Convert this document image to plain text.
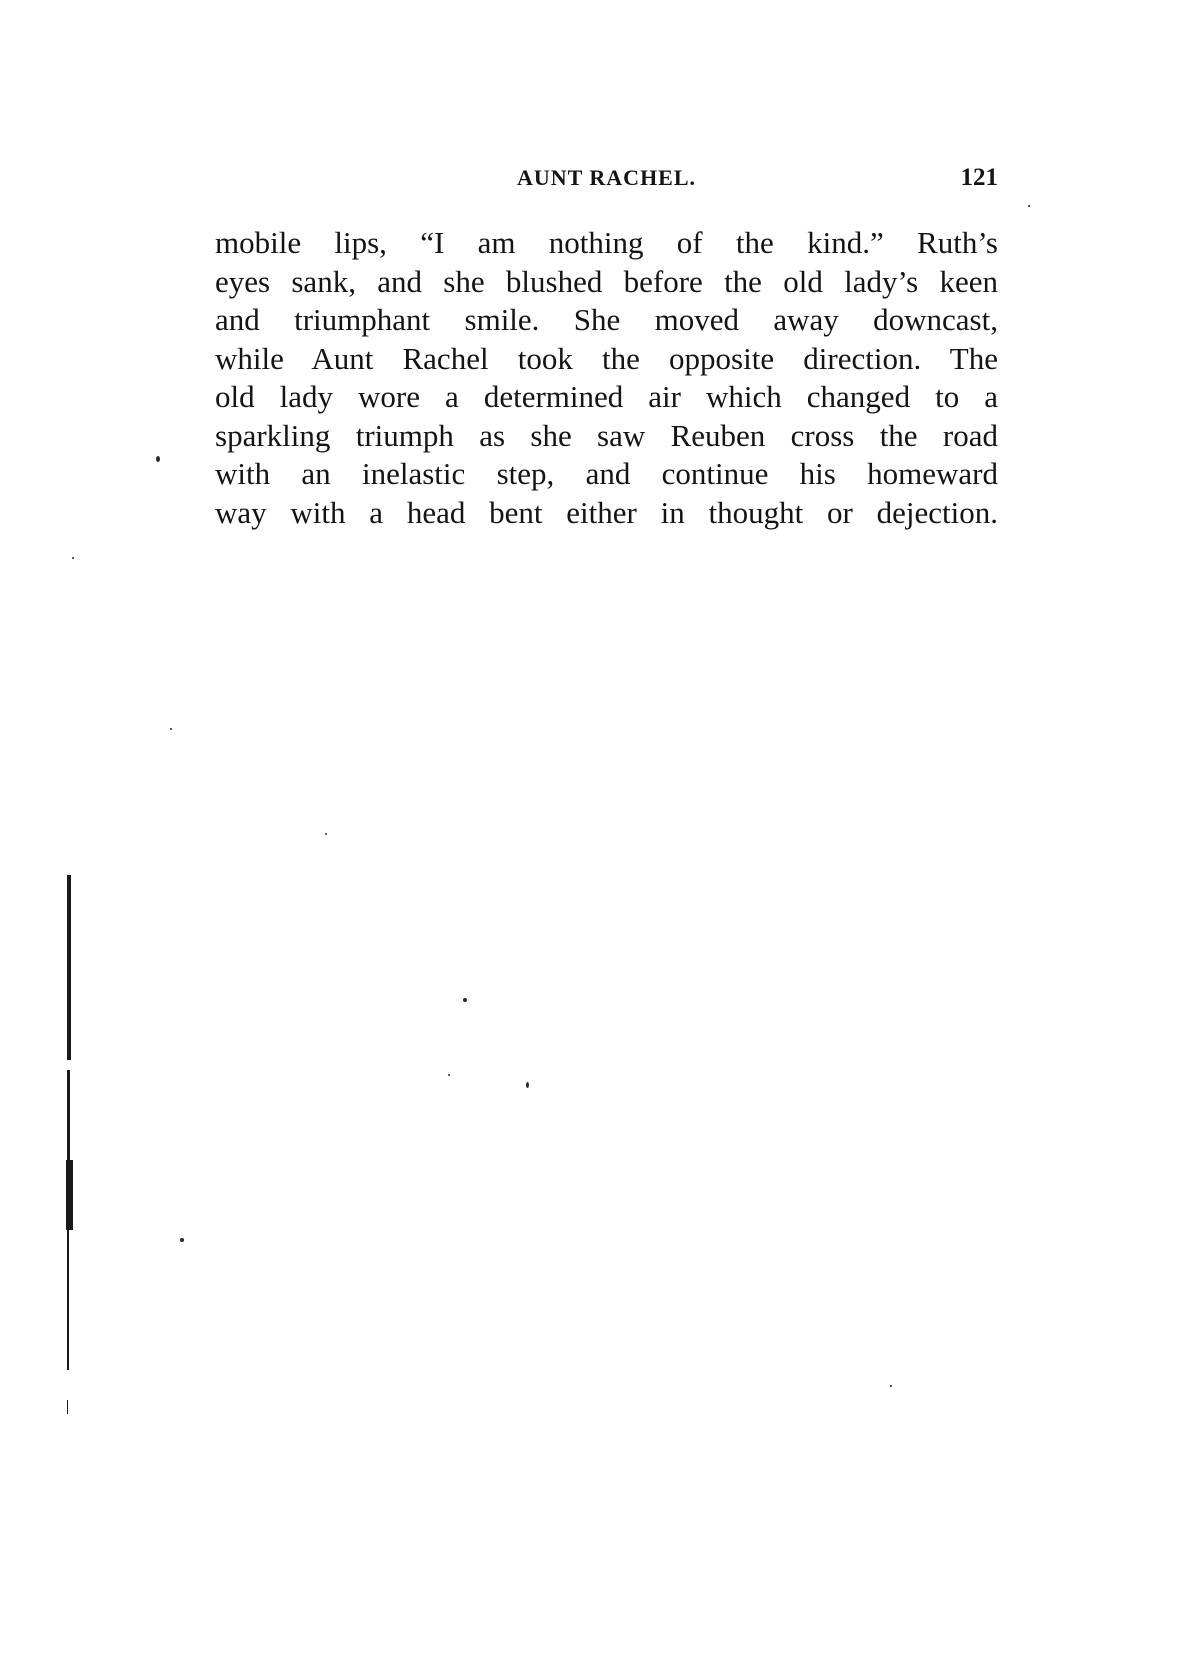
AUNT RACHEL.	121
mobile lips, “I am nothing of the kind.” Ruth’s
eyes sank, and she blushed before the old lady’s keen
and triumphant smile. She moved away downcast,
while Aunt Rachel took the opposite direction. The
old lady wore a determined air which changed to a
sparkling triumph as she saw Reuben cross the road
with an inelastic step, and continue his homeward
way with a head bent either in thought or dejection.
